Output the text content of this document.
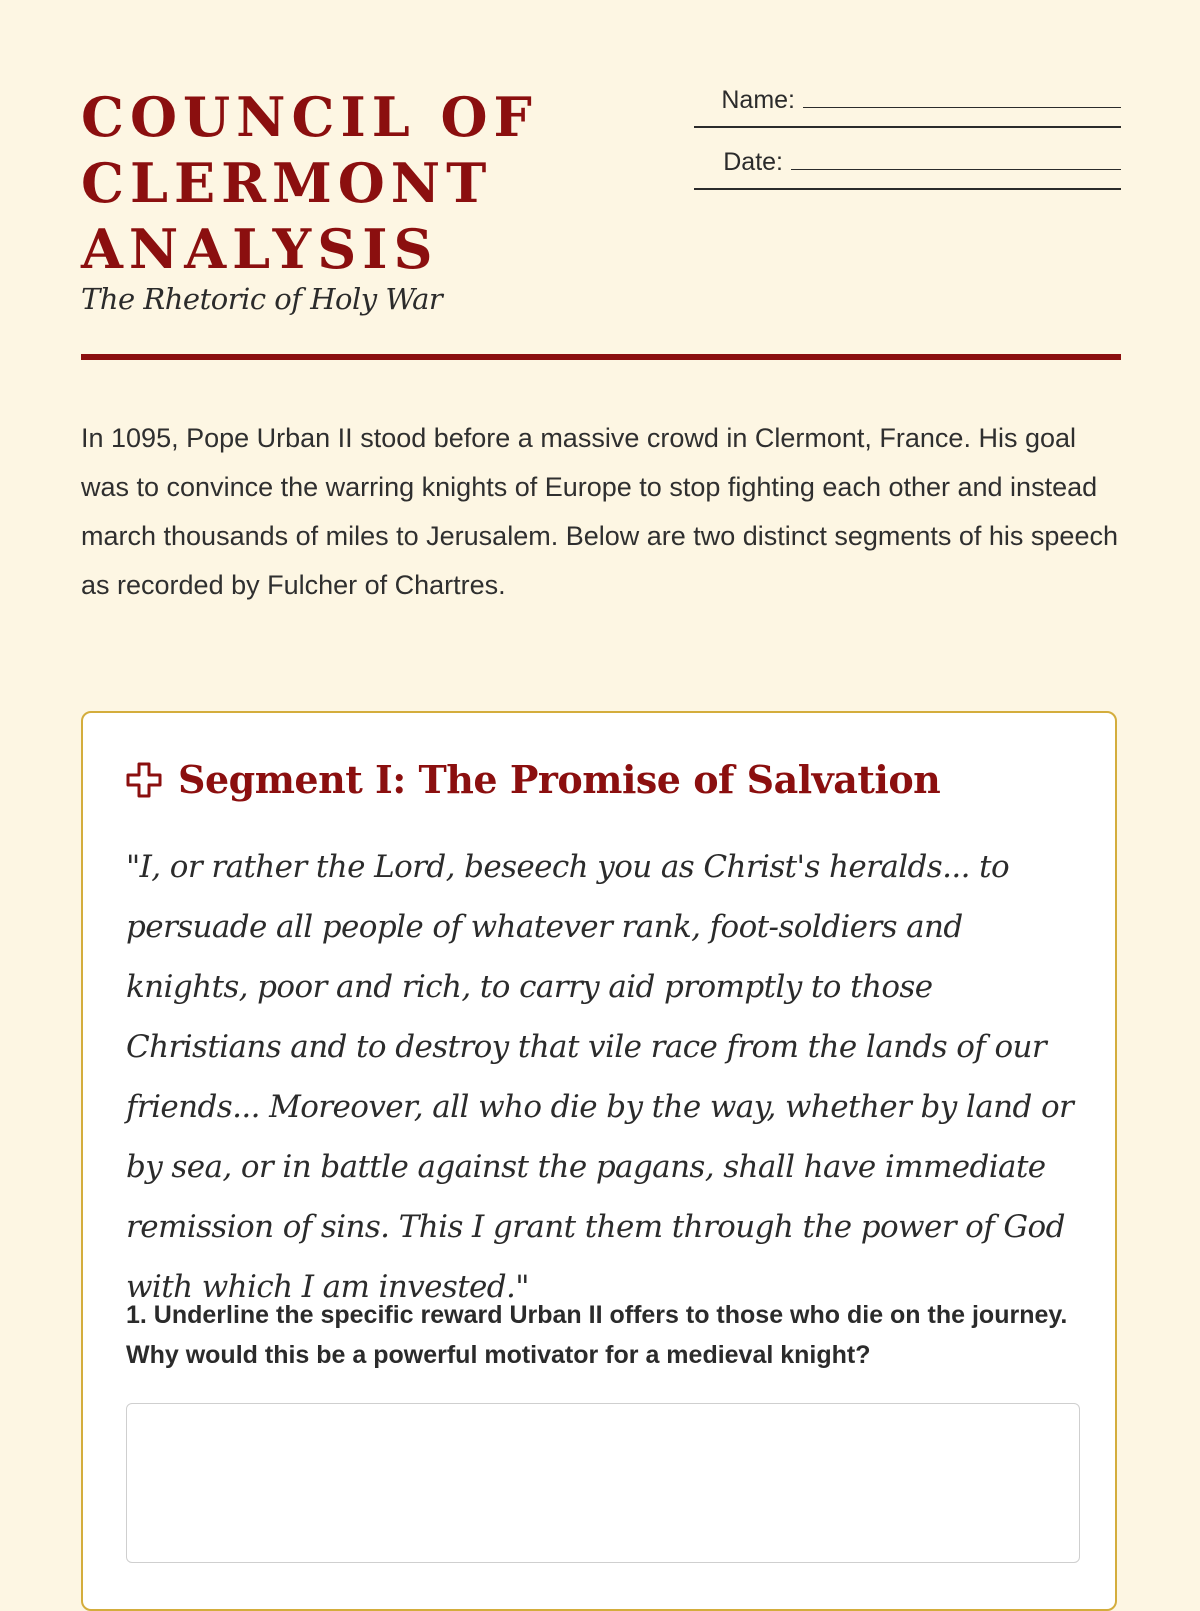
COUNCIL OF CLERMONT ANALYSIS

The Rhetoric of Holy War

Name:
Date:

In 1095, Pope Urban II stood before a massive crowd in Clermont, France. His goal was to convince the warring knights of Europe to stop fighting each other and instead march thousands of miles to Jerusalem. Below are two distinct segments of his speech as recorded by Fulcher of Chartres.

Segment I: The Promise of Salvation

"I, or rather the Lord, beseech you as Christ's heralds... to persuade all people of whatever rank, foot-soldiers and knights, poor and rich, to carry aid promptly to those Christians and to destroy that vile race from the lands of our friends... Moreover, all who die by the way, whether by land or by sea, or in battle against the pagans, shall have immediate remission of sins. This I grant them through the power of God with which I am invested."

1. Underline the specific reward Urban II offers to those who die on the journey. Why would this be a powerful motivator for a medieval knight?
